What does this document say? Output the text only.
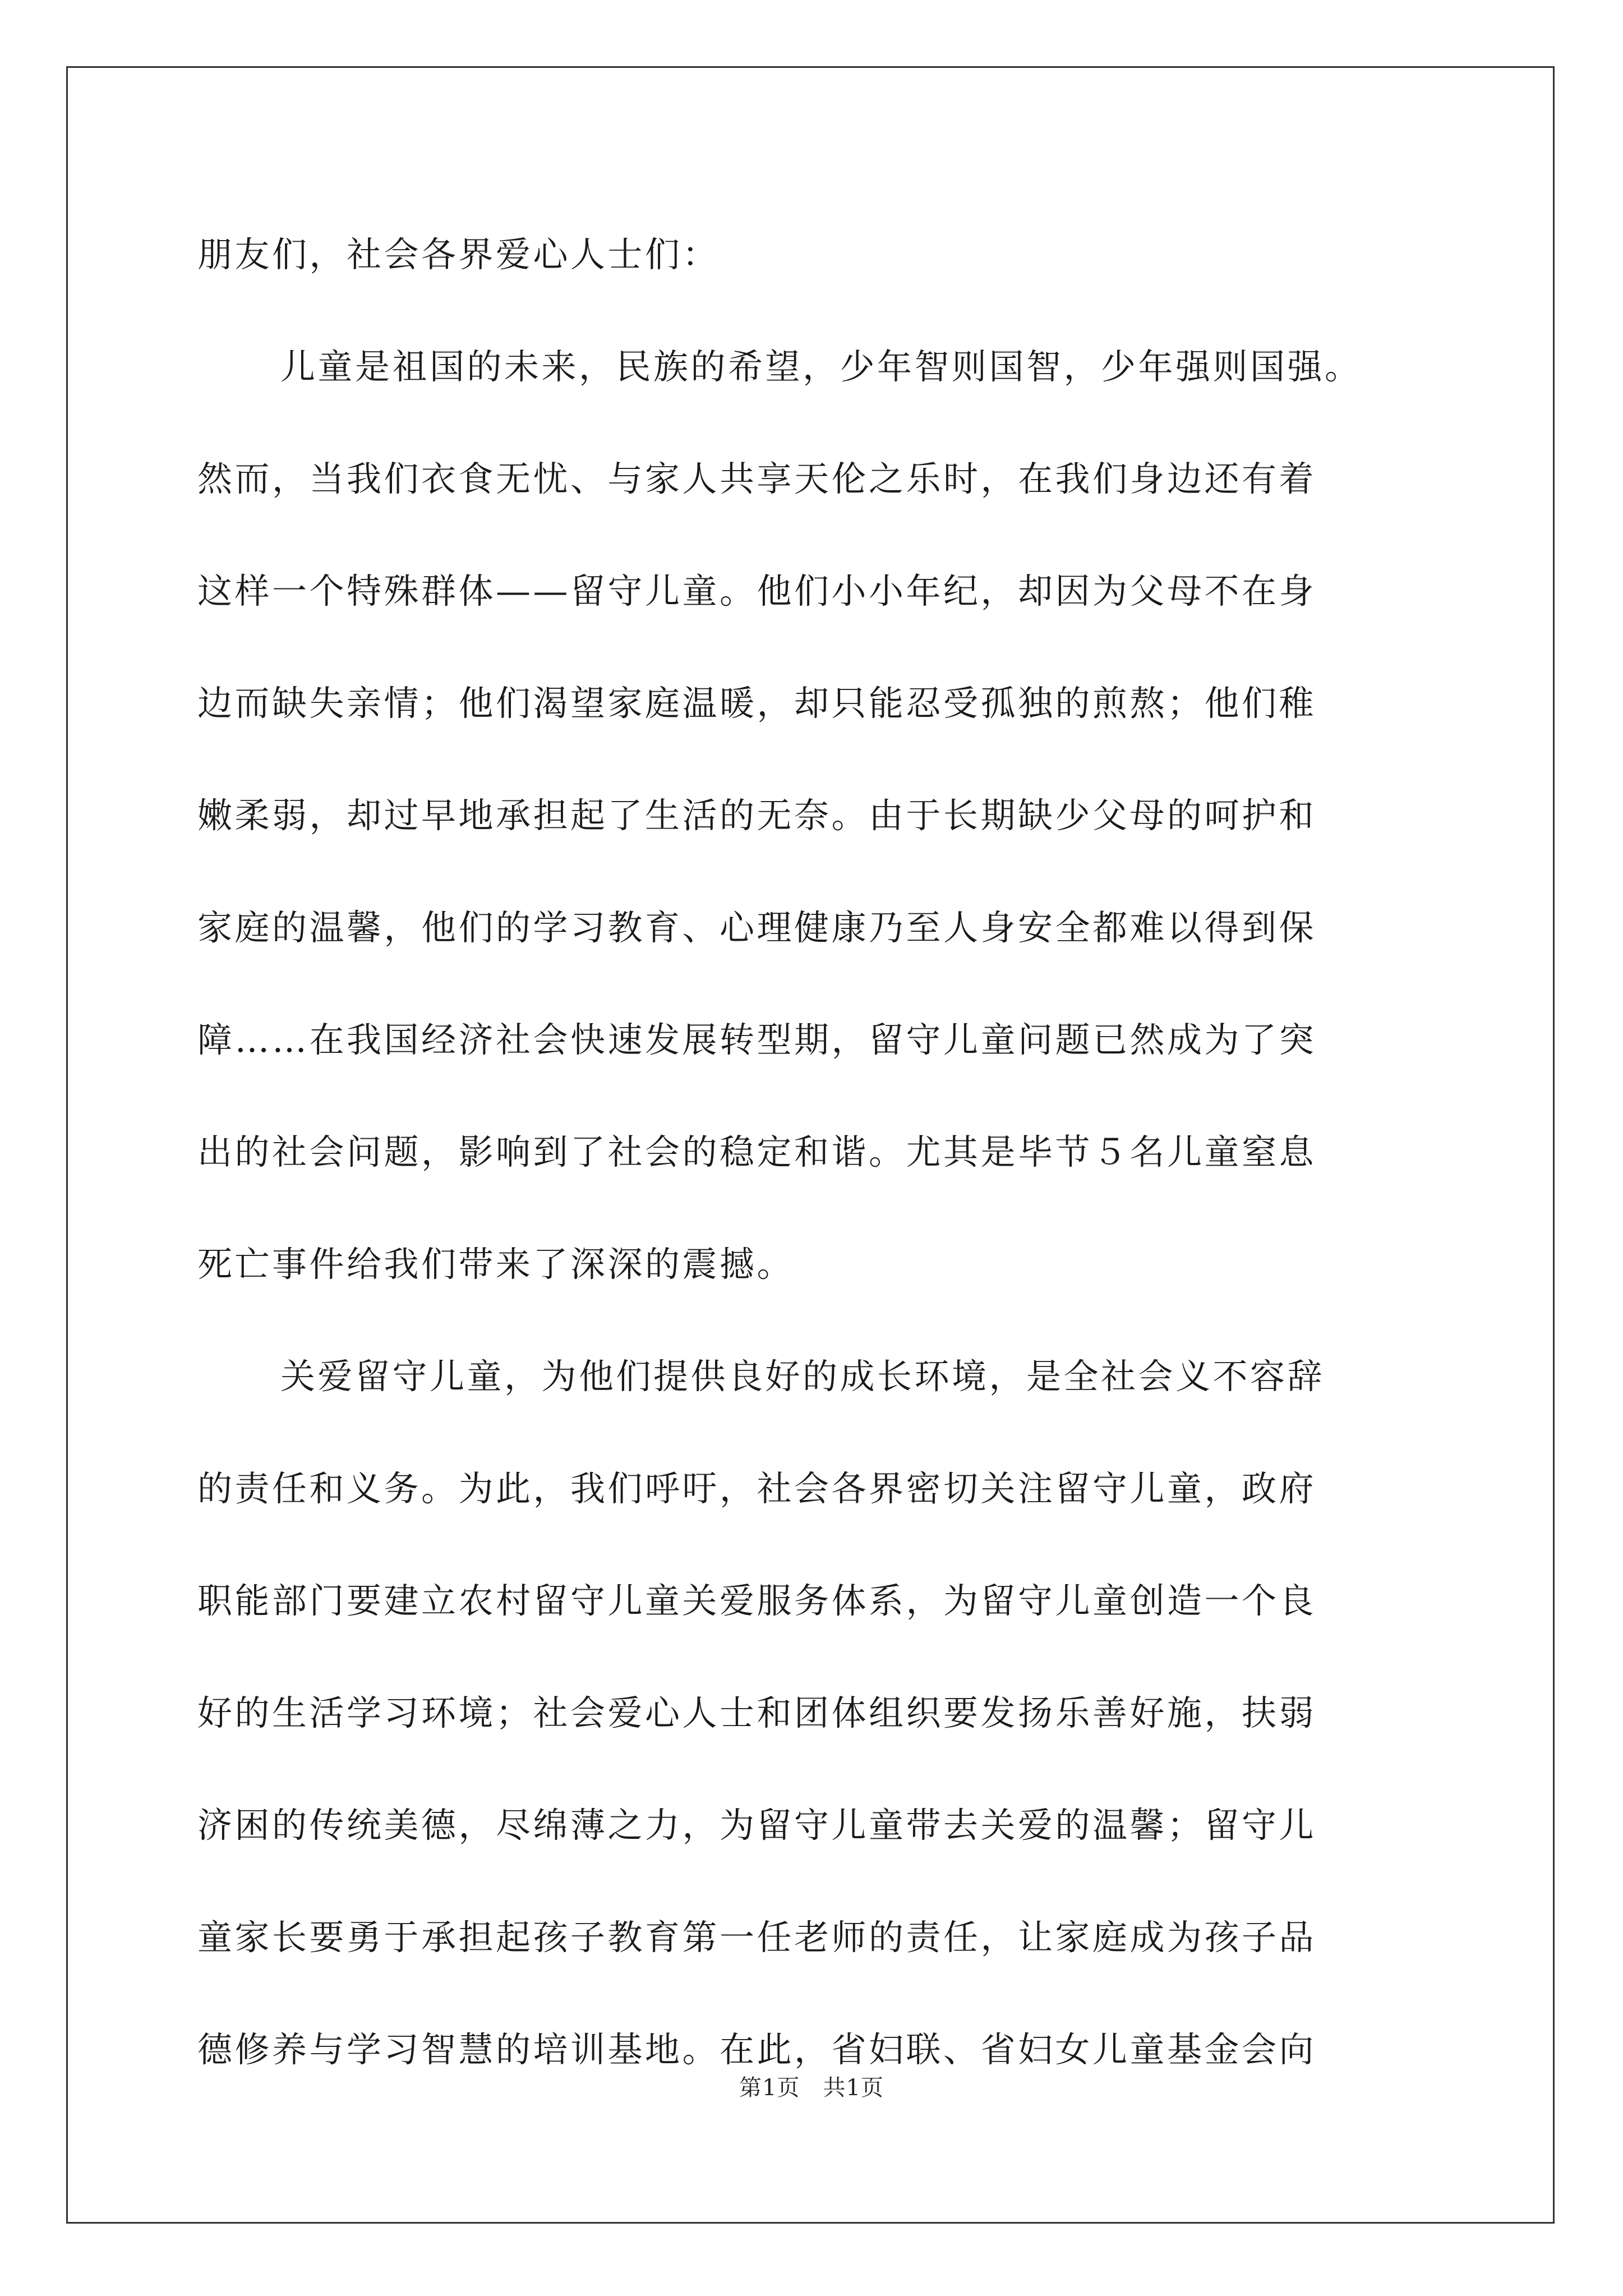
朋友们，社会各界爱心人士们：

儿童是祖国的未来，民族的希望，少年智则国智，少年强则国强。

然而，当我们衣食无忧、与家人共享天伦之乐时，在我们身边还有着

这样一个特殊群体——留守儿童。他们小小年纪，却因为父母不在身

边而缺失亲情；他们渴望家庭温暖，却只能忍受孤独的煎熬；他们稚

嫩柔弱，却过早地承担起了生活的无奈。由于长期缺少父母的呵护和

家庭的温馨，他们的学习教育、心理健康乃至人身安全都难以得到保

障……在我国经济社会快速发展转型期，留守儿童问题已然成为了突

出的社会问题，影响到了社会的稳定和谐。尤其是毕节５名儿童窒息

死亡事件给我们带来了深深的震撼。

关爱留守儿童，为他们提供良好的成长环境，是全社会义不容辞

的责任和义务。为此，我们呼吁，社会各界密切关注留守儿童，政府

职能部门要建立农村留守儿童关爱服务体系，为留守儿童创造一个良

好的生活学习环境；社会爱心人士和团体组织要发扬乐善好施，扶弱

济困的传统美德，尽绵薄之力，为留守儿童带去关爱的温馨；留守儿

童家长要勇于承担起孩子教育第一任老师的责任，让家庭成为孩子品

德修养与学习智慧的培训基地。在此，省妇联、省妇女儿童基金会向

第1页　共1页
